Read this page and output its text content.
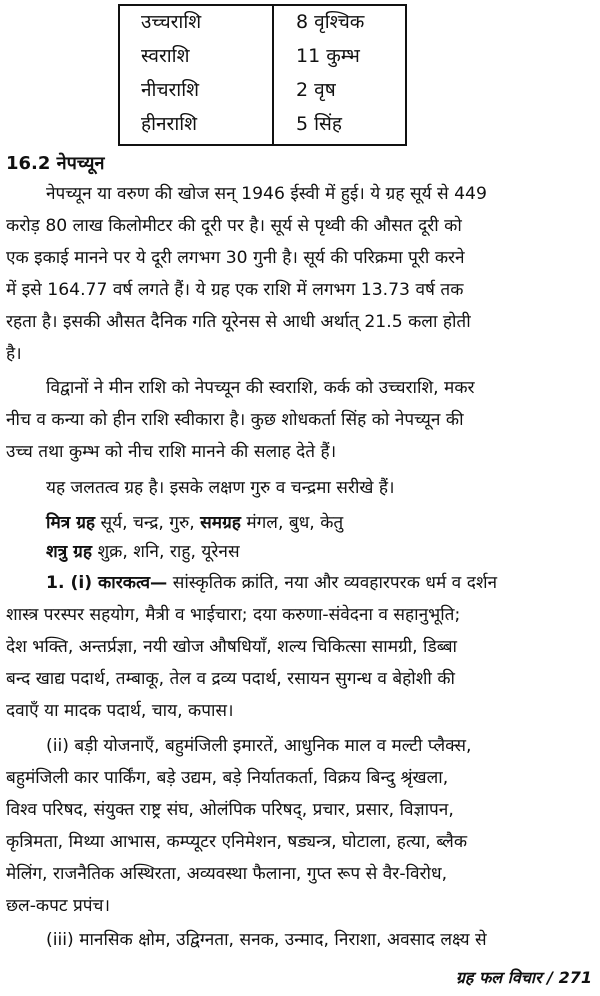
उच्चराशि	8 वृश्चिक
स्वराशि	11 कुम्भ
नीचराशि	2 वृष
हीनराशि	5 सिंह
16.2 नेपच्यून
नेपच्यून या वरुण की खोज सन् 1946 ईस्वी में हुई। ये ग्रह सूर्य से 449
करोड़ 80 लाख किलोमीटर की दूरी पर है। सूर्य से पृथ्वी की औसत दूरी को
एक इकाई मानने पर ये दूरी लगभग 30 गुनी है। सूर्य की परिक्रमा पूरी करने
में इसे 164.77 वर्ष लगते हैं। ये ग्रह एक राशि में लगभग 13.73 वर्ष तक
रहता है। इसकी औसत दैनिक गति यूरेनस से आधी अर्थात् 21.5 कला होती
है।
विद्वानों ने मीन राशि को नेपच्यून की स्वराशि, कर्क को उच्चराशि, मकर
नीच व कन्या को हीन राशि स्वीकारा है। कुछ शोधकर्ता सिंह को नेपच्यून की
उच्च तथा कुम्भ को नीच राशि मानने की सलाह देते हैं।
यह जलतत्व ग्रह है। इसके लक्षण गुरु व चन्द्रमा सरीखे हैं।
मित्र ग्रह सूर्य, चन्द्र, गुरु, समग्रह मंगल, बुध, केतु
शत्रु ग्रह शुक्र, शनि, राहु, यूरेनस
1. (i) कारकत्व— सांस्कृतिक क्रांति, नया और व्यवहारपरक धर्म व दर्शन
शास्त्र परस्पर सहयोग, मैत्री व भाईचारा; दया करुणा-संवेदना व सहानुभूति;
देश भक्ति, अन्तर्प्रज्ञा, नयी खोज औषधियाँ, शल्य चिकित्सा सामग्री, डिब्बा
बन्द खाद्य पदार्थ, तम्बाकू, तेल व द्रव्य पदार्थ, रसायन सुगन्ध व बेहोशी की
दवाएँ या मादक पदार्थ, चाय, कपास।
(ii) बड़ी योजनाएँ, बहुमंजिली इमारतें, आधुनिक माल व मल्टी प्लैक्स,
बहुमंजिली कार पार्किंग, बड़े उद्यम, बड़े निर्यातकर्ता, विक्रय बिन्दु श्रृंखला,
विश्व परिषद, संयुक्त राष्ट्र संघ, ओलंपिक परिषद्, प्रचार, प्रसार, विज्ञापन,
कृत्रिमता, मिथ्या आभास, कम्प्यूटर एनिमेशन, षड्यन्त्र, घोटाला, हत्या, ब्लैक
मेलिंग, राजनैतिक अस्थिरता, अव्यवस्था फैलाना, गुप्त रूप से वैर-विरोध,
छल-कपट प्रपंच।
(iii) मानसिक क्षोम, उद्विग्नता, सनक, उन्माद, निराशा, अवसाद लक्ष्य से
ग्रह फल विचार / 271
